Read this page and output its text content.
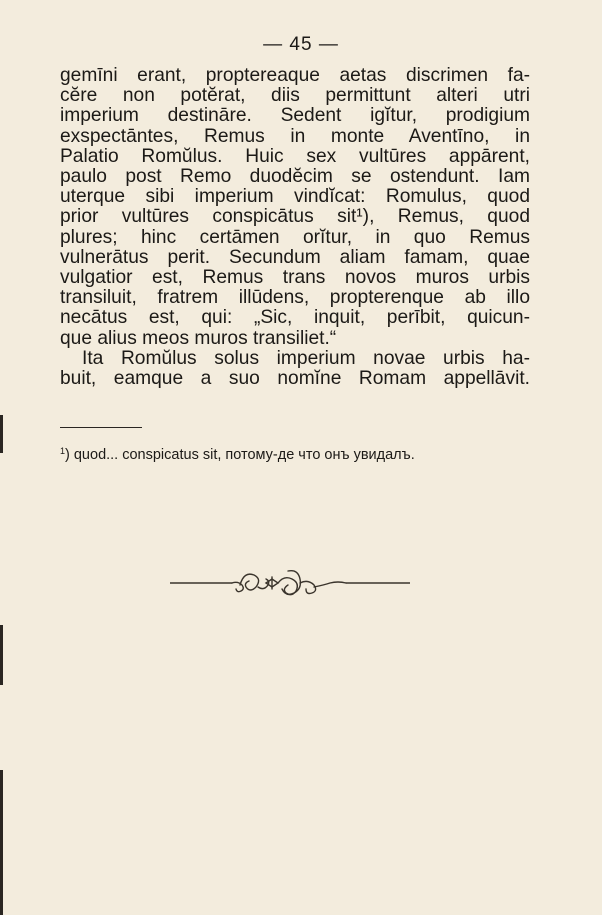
— 45 —
gemīni erant, proptereaque aetas discrimen fa-
cĕre non potĕrat, diis permittunt alteri utri
imperium destināre. Sedent igĭtur, prodigium
exspectāntes, Remus in monte Aventīno, in
Palatio Romŭlus. Huic sex vultūres appārent,
paulo post Remo duodĕcim se ostendunt. Iam
uterque sibi imperium vindĭcat: Romulus, quod
prior vultūres conspicātus sit¹), Remus, quod
plures; hinc certāmen orĭtur, in quo Remus
vulnerātus perit. Secundum aliam famam, quae
vulgatior est, Remus trans novos muros urbis
transiluit, fratrem illūdens, propterenque ab illo
necātus est, qui: „Sic, inquit, perībit, quicun-
que alius meos muros transiliet.“
Ita Romŭlus solus imperium novae urbis ha-
buit, eamque a suo nomĭne Romam appellāvit.
$^1$) quod... conspicatus sit, потому-де что онъ увидалъ.
